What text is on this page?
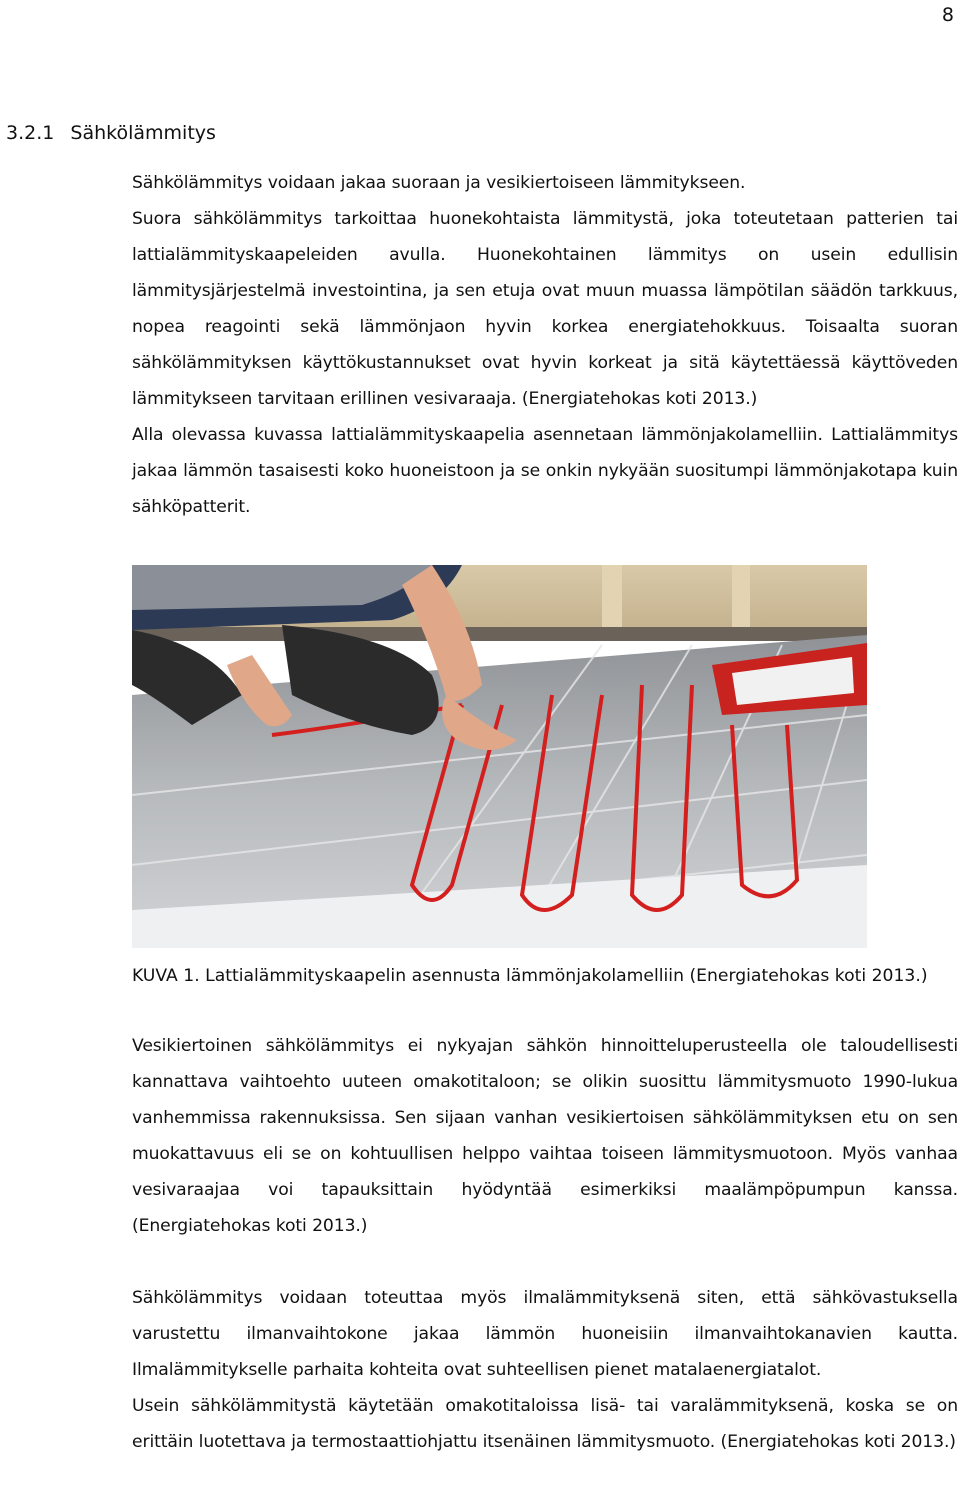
8
3.2.1 Sähkölämmitys

Sähkölämmitys voidaan jakaa suoraan ja vesikiertoiseen lämmitykseen.

Suora sähkölämmitys tarkoittaa huonekohtaista lämmitystä, joka toteutetaan patterien tai lattialämmityskaapeleiden avulla. Huonekohtainen lämmitys on usein edullisin lämmitysjärjestelmä investointina, ja sen etuja ovat muun muassa lämpötilan säädön tarkkuus, nopea reagointi sekä lämmönjaon hyvin korkea energiatehokkuus. Toisaalta suoran sähkölämmityksen käyttökustannukset ovat hyvin korkeat ja sitä käytettäessä käyttöveden lämmitykseen tarvitaan erillinen vesivaraaja. (Energiatehokas koti 2013.)

Alla olevassa kuvassa lattialämmityskaapelia asennetaan lämmönjakolamelliin. Lattialämmitys jakaa lämmön tasaisesti koko huoneistoon ja se onkin nykyään suositumpi lämmönjakotapa kuin sähköpatterit.

KUVA 1. Lattialämmityskaapelin asennusta lämmönjakolamelliin (Energiatehokas koti 2013.)

Vesikiertoinen sähkölämmitys ei nykyajan sähkön hinnoitteluperusteella ole taloudellisesti kannattava vaihtoehto uuteen omakotitaloon; se olikin suosittu lämmitysmuoto 1990-lukua vanhemmissa rakennuksissa. Sen sijaan vanhan vesikiertoisen sähkölämmityksen etu on sen muokattavuus eli se on kohtuullisen helppo vaihtaa toiseen lämmitysmuotoon. Myös vanhaa vesivaraajaa voi tapauksittain hyödyntää esimerkiksi maalämpöpumpun kanssa. (Energiatehokas koti 2013.)

Sähkölämmitys voidaan toteuttaa myös ilmalämmityksenä siten, että sähkövastuksella varustettu ilmanvaihtokone jakaa lämmön huoneisiin ilmanvaihtokanavien kautta. Ilmalämmitykselle parhaita kohteita ovat suhteellisen pienet matalaenergiatalot.

Usein sähkölämmitystä käytetään omakotitaloissa lisä- tai varalämmityksenä, koska se on erittäin luotettava ja termostaattiohjattu itsenäinen lämmitysmuoto. (Energiatehokas koti 2013.)
